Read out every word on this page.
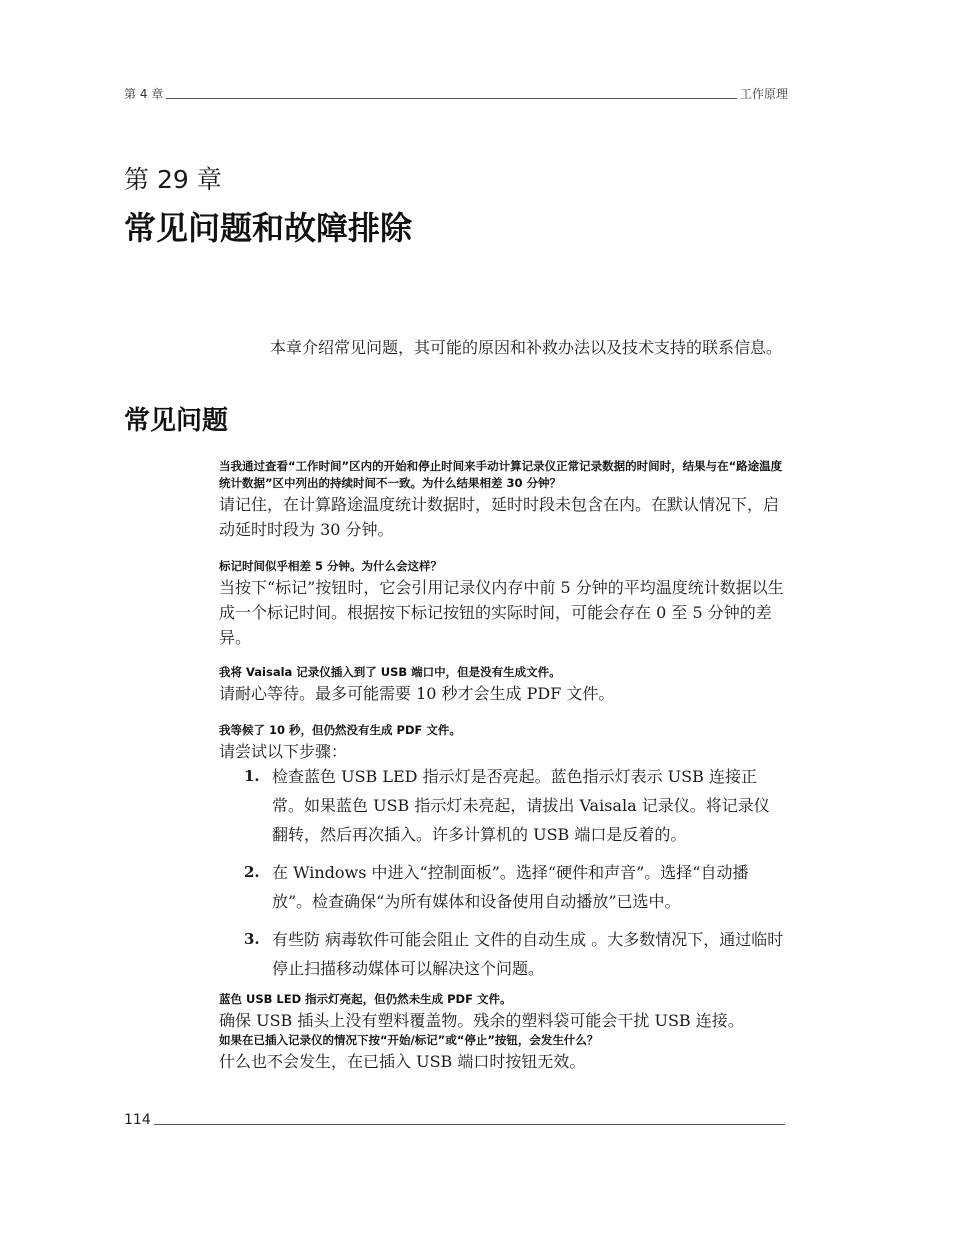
第 4 章	工作原理
第 29 章
常见问题和故障排除
本章介绍常见问题，其可能的原因和补救办法以及技术支持的联系信息。
常见问题
当我通过查看“工作时间”区内的开始和停止时间来手动计算记录仪正常记录数据的时间时，结果与在“路途温度统计数据”区中列出的持续时间不一致。为什么结果相差 30 分钟？
请记住，在计算路途温度统计数据时，延时时段未包含在内。在默认情况下，启动延时时段为 30 分钟。
标记时间似乎相差 5 分钟。为什么会这样？
当按下“标记”按钮时，它会引用记录仪内存中前 5 分钟的平均温度统计数据以生成一个标记时间。根据按下标记按钮的实际时间，可能会存在 0 至 5 分钟的差异。
我将 Vaisala 记录仪插入到了 USB 端口中，但是没有生成文件。
请耐心等待。最多可能需要 10 秒才会生成 PDF 文件。
我等候了 10 秒，但仍然没有生成 PDF 文件。
请尝试以下步骤：
1. 检查蓝色 USB LED 指示灯是否亮起。蓝色指示灯表示 USB 连接正常。如果蓝色 USB 指示灯未亮起，请拔出 Vaisala 记录仪。将记录仪翻转，然后再次插入。许多计算机的 USB 端口是反着的。
2. 在 Windows 中进入“控制面板”。选择“硬件和声音”。选择“自动播放”。检查确保“为所有媒体和设备使用自动播放”已选中。
3. 有些防 病毒软件可能会阻止 文件的自动生成 。大多数情况下，通过临时停止扫描移动媒体可以解决这个问题。
蓝色 USB LED 指示灯亮起，但仍然未生成 PDF 文件。
确保 USB 插头上没有塑料覆盖物。残余的塑料袋可能会干扰 USB 连接。
如果在已插入记录仪的情况下按“开始/标记”或“停止”按钮，会发生什么？
什么也不会发生，在已插入 USB 端口时按钮无效。
114
